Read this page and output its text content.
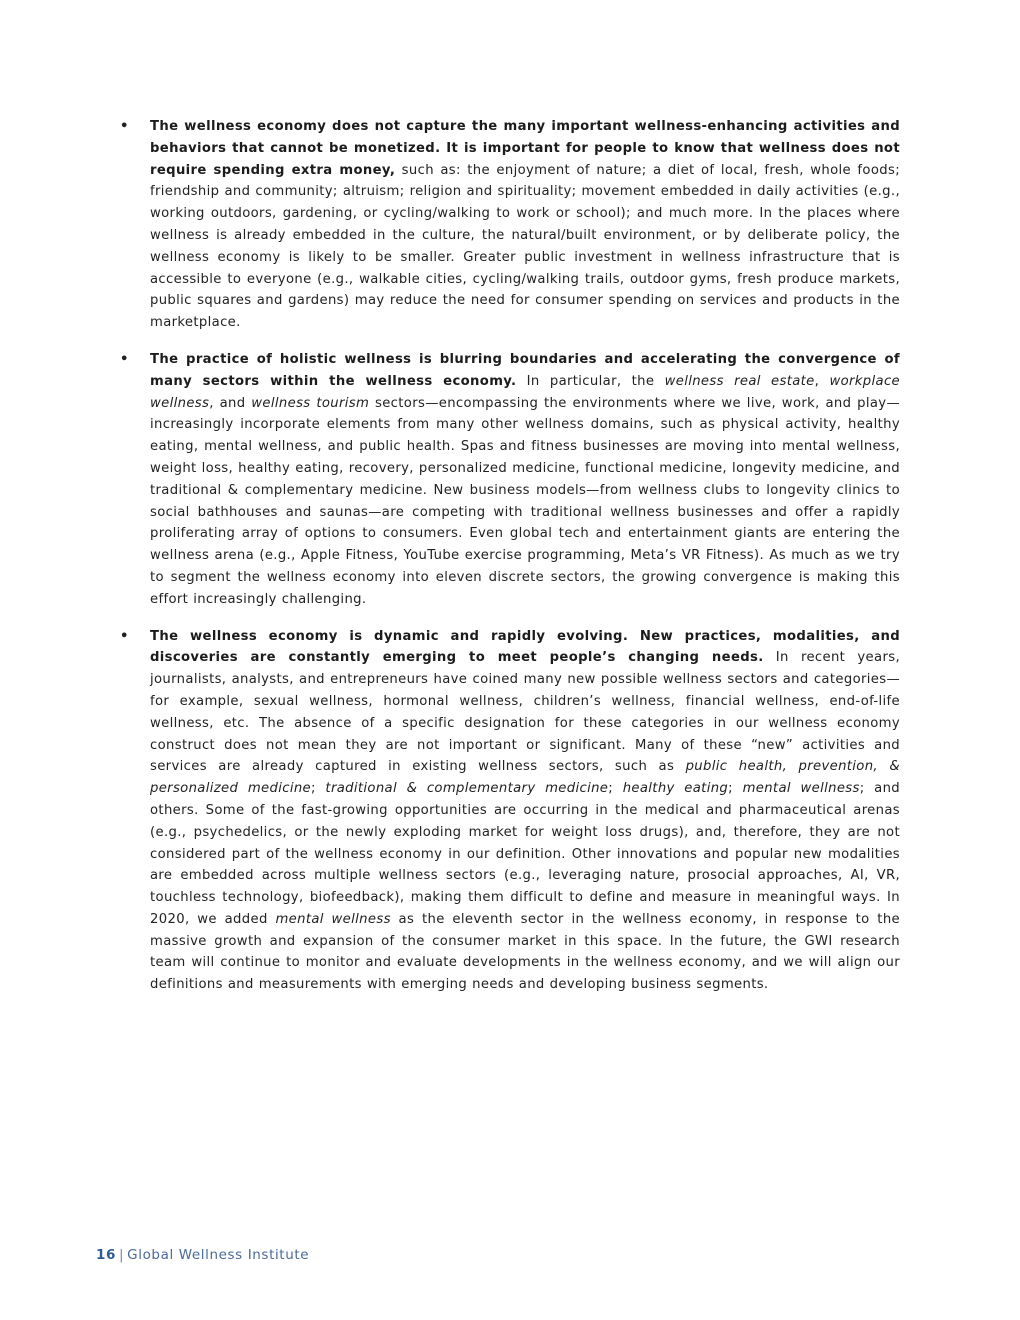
• The wellness economy does not capture the many important wellness-enhancing activities and behaviors that cannot be monetized. It is important for people to know that wellness does not require spending extra money, such as: the enjoyment of nature; a diet of local, fresh, whole foods; friendship and community; altruism; religion and spirituality; movement embedded in daily activities (e.g., working outdoors, gardening, or cycling/walking to work or school); and much more. In the places where wellness is already embedded in the culture, the natural/built environment, or by deliberate policy, the wellness economy is likely to be smaller. Greater public investment in wellness infrastructure that is accessible to everyone (e.g., walkable cities, cycling/walking trails, outdoor gyms, fresh produce markets, public squares and gardens) may reduce the need for consumer spending on services and products in the marketplace.
• The practice of holistic wellness is blurring boundaries and accelerating the convergence of many sectors within the wellness economy. In particular, the wellness real estate, workplace wellness, and wellness tourism sectors—encompassing the environments where we live, work, and play—increasingly incorporate elements from many other wellness domains, such as physical activity, healthy eating, mental wellness, and public health. Spas and fitness businesses are moving into mental wellness, weight loss, healthy eating, recovery, personalized medicine, functional medicine, longevity medicine, and traditional & complementary medicine. New business models—from wellness clubs to longevity clinics to social bathhouses and saunas—are competing with traditional wellness businesses and offer a rapidly proliferating array of options to consumers. Even global tech and entertainment giants are entering the wellness arena (e.g., Apple Fitness, YouTube exercise programming, Meta’s VR Fitness). As much as we try to segment the wellness economy into eleven discrete sectors, the growing convergence is making this effort increasingly challenging.
• The wellness economy is dynamic and rapidly evolving. New practices, modalities, and discoveries are constantly emerging to meet people’s changing needs. In recent years, journalists, analysts, and entrepreneurs have coined many new possible wellness sectors and categories—for example, sexual wellness, hormonal wellness, children’s wellness, financial wellness, end-of-life wellness, etc. The absence of a specific designation for these categories in our wellness economy construct does not mean they are not important or significant. Many of these “new” activities and services are already captured in existing wellness sectors, such as public health, prevention, & personalized medicine; traditional & complementary medicine; healthy eating; mental wellness; and others. Some of the fast-growing opportunities are occurring in the medical and pharmaceutical arenas (e.g., psychedelics, or the newly exploding market for weight loss drugs), and, therefore, they are not considered part of the wellness economy in our definition. Other innovations and popular new modalities are embedded across multiple wellness sectors (e.g., leveraging nature, prosocial approaches, AI, VR, touchless technology, biofeedback), making them difficult to define and measure in meaningful ways. In 2020, we added mental wellness as the eleventh sector in the wellness economy, in response to the massive growth and expansion of the consumer market in this space. In the future, the GWI research team will continue to monitor and evaluate developments in the wellness economy, and we will align our definitions and measurements with emerging needs and developing business segments.
16 | Global Wellness Institute
